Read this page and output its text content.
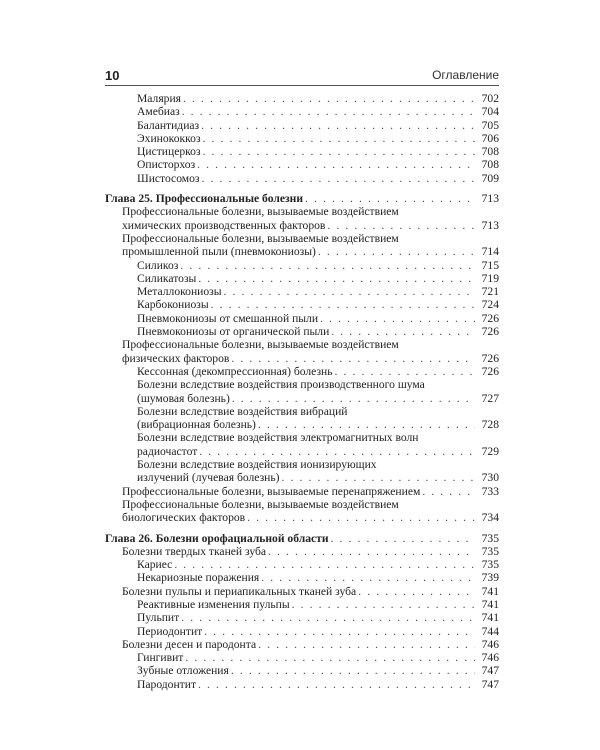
10	Оглавление
Малярия . . .	702
Амебиаз . . .	704
Балантидиаз . . .	705
Эхинококкоз . . .	706
Цистицеркоз . . .	708
Описторхоз . . .	708
Шистосомоз . . .	709
Глава 25. Профессиональные болезни . . .	713
Профессиональные болезни, вызываемые воздействием
химических производственных факторов . . .	713
Профессиональные болезни, вызываемые воздействием
промышленной пыли (пневмокониозы) . . .	714
Силикоз . . .	715
Силикатозы . . .	719
Металлокониозы . . .	721
Карбокониозы . . .	724
Пневмокониозы от смешанной пыли . . .	726
Пневмокониозы от органической пыли . . .	726
Профессиональные болезни, вызываемые воздействием
физических факторов . . .	726
Кессонная (декомпрессионная) болезнь . . .	726
Болезни вследствие воздействия производственного шума
(шумовая болезнь) . . .	727
Болезни вследствие воздействия вибраций
(вибрационная болезнь) . . .	728
Болезни вследствие воздействия электромагнитных волн
радиочастот . . .	729
Болезни вследствие воздействия ионизирующих
излучений (лучевая болезнь) . . .	730
Профессиональные болезни, вызываемые перенапряжением . . .	733
Профессиональные болезни, вызываемые воздействием
биологических факторов . . .	734
Глава 26. Болезни орофациальной области . . .	735
Болезни твердых тканей зуба . . .	735
Кариес . . .	735
Некариозные поражения . . .	739
Болезни пульпы и периапикальных тканей зуба . . .	741
Реактивные изменения пульпы . . .	741
Пульпит . . .	741
Периодонтит . . .	744
Болезни десен и пародонта . . .	746
Гингивит . . .	746
Зубные отложения . . .	747
Пародонтит . . .	747
